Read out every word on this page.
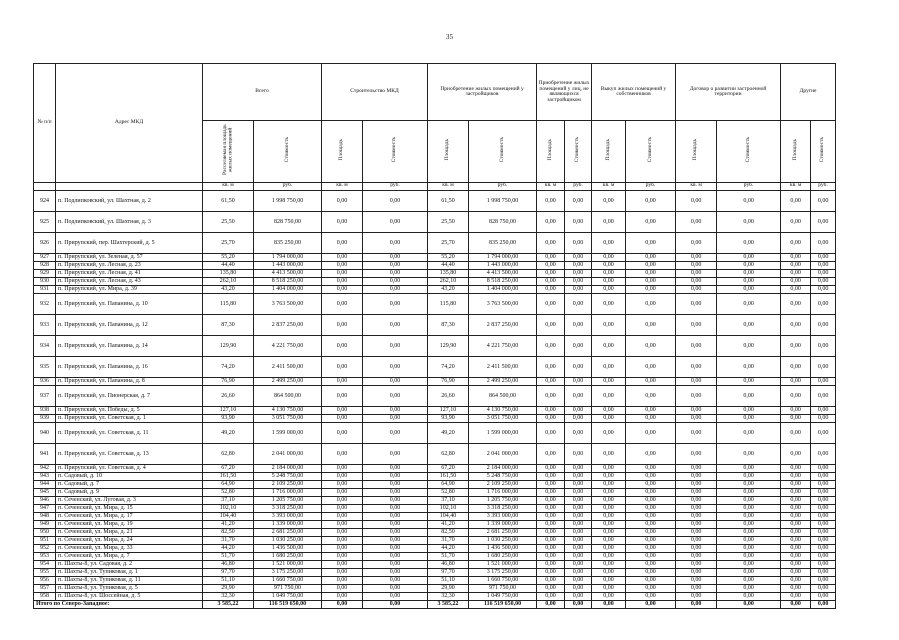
35
№ п/п	Адрес МКД	Всего		Строительство МКД		Приобретение жилых помещений у застройщиков		Приобретение жилых помещений у лиц, не являющихся застройщиком		Выкуп жилых помещений у собственников		Договор о развитии застроенной территории		Другие	
		Расселяемая площадь жилых помещений	Стоимость	Площадь	Стоимость	Площадь	Стоимость	Площадь	Стоимость	Площадь	Стоимость	Площадь	Стоимость	Площадь	Стоимость
		кв. м	руб.	кв. м	руб.	кв. м	руб.	кв. м	руб.	кв. м	руб.	кв. м	руб.	кв. м	руб.
924	п. Подлипковский, ул. Шахтная, д. 2	61,50	1 998 750,00	0,00	0,00	61,50	1 998 750,00	0,00	0,00	0,00	0,00	0,00	0,00	0,00	0,00
925	п. Подлипковский, ул. Шахтная, д. 3	25,50	828 750,00	0,00	0,00	25,50	828 750,00	0,00	0,00	0,00	0,00	0,00	0,00	0,00	0,00
926	п. Прирупский, пер. Шахтерский, д. 5	25,70	835 250,00	0,00	0,00	25,70	835 250,00	0,00	0,00	0,00	0,00	0,00	0,00	0,00	0,00
927	п. Прирупский, ул. Зеленая, д. 57	55,20	1 794 000,00	0,00	0,00	55,20	1 794 000,00	0,00	0,00	0,00	0,00	0,00	0,00	0,00	0,00
928	п. Прирупский, ул. Лесная, д. 23	44,40	1 443 000,00	0,00	0,00	44,40	1 443 000,00	0,00	0,00	0,00	0,00	0,00	0,00	0,00	0,00
929	п. Прирупский, ул. Лесная, д. 41	135,80	4 413 500,00	0,00	0,00	135,80	4 413 500,00	0,00	0,00	0,00	0,00	0,00	0,00	0,00	0,00
930	п. Прирупский, ул. Лесная, д. 43	262,10	8 518 250,00	0,00	0,00	262,10	8 518 250,00	0,00	0,00	0,00	0,00	0,00	0,00	0,00	0,00
931	п. Прирупский, ул. Мира, д. 39	43,20	1 404 000,00	0,00	0,00	43,20	1 404 000,00	0,00	0,00	0,00	0,00	0,00	0,00	0,00	0,00
932	п. Прирупский, ул. Папанина, д. 10	115,80	3 763 500,00	0,00	0,00	115,80	3 763 500,00	0,00	0,00	0,00	0,00	0,00	0,00	0,00	0,00
933	п. Прирупский, ул. Папанина, д. 12	87,30	2 837 250,00	0,00	0,00	87,30	2 837 250,00	0,00	0,00	0,00	0,00	0,00	0,00	0,00	0,00
934	п. Прирупский, ул. Папанина, д. 14	129,90	4 221 750,00	0,00	0,00	129,90	4 221 750,00	0,00	0,00	0,00	0,00	0,00	0,00	0,00	0,00
935	п. Прирупский, ул. Папанина, д. 16	74,20	2 411 500,00	0,00	0,00	74,20	2 411 500,00	0,00	0,00	0,00	0,00	0,00	0,00	0,00	0,00
936	п. Прирупский, ул. Папанина, д. 8	76,90	2 499 250,00	0,00	0,00	76,90	2 499 250,00	0,00	0,00	0,00	0,00	0,00	0,00	0,00	0,00
937	п. Прирупский, ул. Пионерская, д. 7	26,60	864 500,00	0,00	0,00	26,60	864 500,00	0,00	0,00	0,00	0,00	0,00	0,00	0,00	0,00
938	п. Прирупский, ул. Победы, д. 5	127,10	4 130 750,00	0,00	0,00	127,10	4 130 750,00	0,00	0,00	0,00	0,00	0,00	0,00	0,00	0,00
939	п. Прирупский, ул. Советская, д. 1	93,90	3 051 750,00	0,00	0,00	93,90	3 051 750,00	0,00	0,00	0,00	0,00	0,00	0,00	0,00	0,00
940	п. Прирупский, ул. Советская, д. 11	49,20	1 599 000,00	0,00	0,00	49,20	1 599 000,00	0,00	0,00	0,00	0,00	0,00	0,00	0,00	0,00
941	п. Прирупский, ул. Советская, д. 13	62,80	2 041 000,00	0,00	0,00	62,80	2 041 000,00	0,00	0,00	0,00	0,00	0,00	0,00	0,00	0,00
942	п. Прирупский, ул. Советская, д. 4	67,20	2 184 000,00	0,00	0,00	67,20	2 184 000,00	0,00	0,00	0,00	0,00	0,00	0,00	0,00	0,00
943	п. Садовый, д. 10	161,50	5 248 750,00	0,00	0,00	161,50	5 248 750,00	0,00	0,00	0,00	0,00	0,00	0,00	0,00	0,00
944	п. Садовый, д. 7	64,90	2 109 250,00	0,00	0,00	64,90	2 109 250,00	0,00	0,00	0,00	0,00	0,00	0,00	0,00	0,00
945	п. Садовый, д. 9	52,80	1 716 000,00	0,00	0,00	52,80	1 716 000,00	0,00	0,00	0,00	0,00	0,00	0,00	0,00	0,00
946	п. Сеченский, ул. Луговая, д. 3	37,10	1 205 750,00	0,00	0,00	37,10	1 205 750,00	0,00	0,00	0,00	0,00	0,00	0,00	0,00	0,00
947	п. Сеченский, ул. Мира, д. 15	102,10	3 318 250,00	0,00	0,00	102,10	3 318 250,00	0,00	0,00	0,00	0,00	0,00	0,00	0,00	0,00
948	п. Сеченский, ул. Мира, д. 17	104,40	3 393 000,00	0,00	0,00	104,40	3 393 000,00	0,00	0,00	0,00	0,00	0,00	0,00	0,00	0,00
949	п. Сеченский, ул. Мира, д. 19	41,20	1 339 000,00	0,00	0,00	41,20	1 339 000,00	0,00	0,00	0,00	0,00	0,00	0,00	0,00	0,00
950	п. Сеченский, ул. Мира, д. 21	82,50	2 681 250,00	0,00	0,00	82,50	2 681 250,00	0,00	0,00	0,00	0,00	0,00	0,00	0,00	0,00
951	п. Сеченский, ул. Мира, д. 24	31,70	1 030 250,00	0,00	0,00	31,70	1 030 250,00	0,00	0,00	0,00	0,00	0,00	0,00	0,00	0,00
952	п. Сеченский, ул. Мира, д. 33	44,20	1 436 500,00	0,00	0,00	44,20	1 436 500,00	0,00	0,00	0,00	0,00	0,00	0,00	0,00	0,00
953	п. Сеченский, ул. Мира, д. 7	51,70	1 680 250,00	0,00	0,00	51,70	1 680 250,00	0,00	0,00	0,00	0,00	0,00	0,00	0,00	0,00
954	п. Шахты-8, ул. Садовая, д. 2	46,80	1 521 000,00	0,00	0,00	46,80	1 521 000,00	0,00	0,00	0,00	0,00	0,00	0,00	0,00	0,00
955	п. Шахты-8, ул. Тупиковая, д. 1	97,70	3 175 250,00	0,00	0,00	97,70	3 175 250,00	0,00	0,00	0,00	0,00	0,00	0,00	0,00	0,00
956	п. Шахты-8, ул. Тупиковая, д. 11	51,10	1 660 750,00	0,00	0,00	51,10	1 660 750,00	0,00	0,00	0,00	0,00	0,00	0,00	0,00	0,00
957	п. Шахты-8, ул. Тупиковая, д. 5	29,90	971 750,00	0,00	0,00	29,90	971 750,00	0,00	0,00	0,00	0,00	0,00	0,00	0,00	0,00
958	п. Шахты-8, ул. Шоссейная, д. 5	32,30	1 049 750,00	0,00	0,00	32,30	1 049 750,00	0,00	0,00	0,00	0,00	0,00	0,00	0,00	0,00
Итого по Северо-Западное:		3 585,22	116 519 650,00	0,00	0,00	3 585,22	116 519 650,00	0,00	0,00	0,00	0,00	0,00	0,00	0,00	0,00
